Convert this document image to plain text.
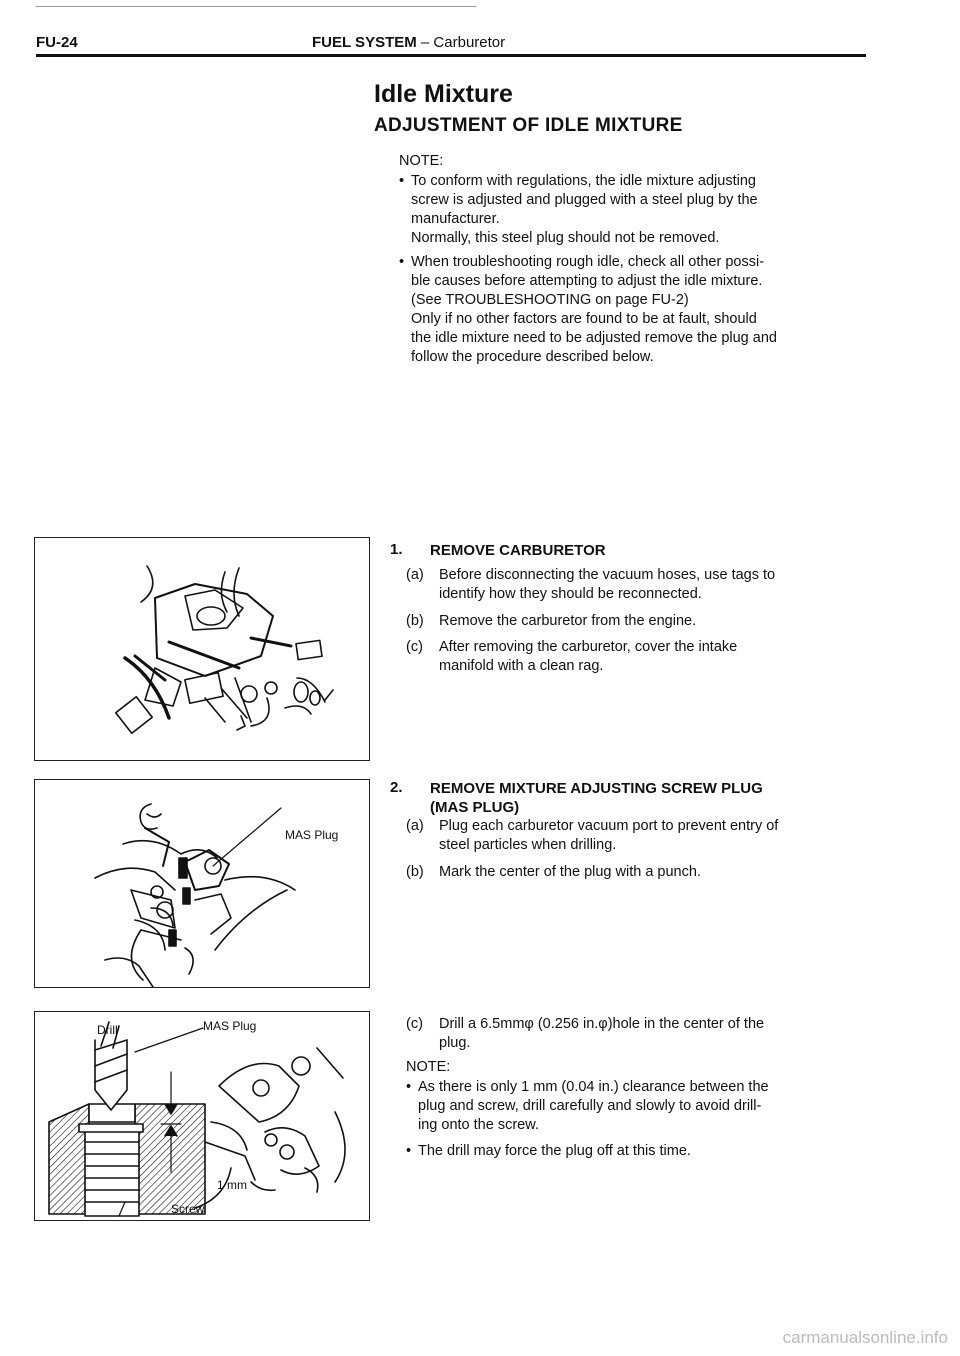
FU-24	FUEL SYSTEM – Carburetor
Idle Mixture
ADJUSTMENT OF IDLE MIXTURE
NOTE:
• To conform with regulations, the idle mixture adjusting
screw is adjusted and plugged with a steel plug by the
manufacturer.
Normally, this steel plug should not be removed.
• When troubleshooting rough idle, check all other possi-
ble causes before attempting to adjust the idle mixture.
(See TROUBLESHOOTING on page FU-2)
Only if no other factors are found to be at fault, should
the idle mixture need to be adjusted remove the plug and
follow the procedure described below.
MAS Plug
Drill	MAS Plug
1 mm
Screw
1. REMOVE CARBURETOR
(a)	Before disconnecting the vacuum hoses, use tags to
identify how they should be reconnected.
(b)	Remove the carburetor from the engine.
(c)	After removing the carburetor, cover the intake
manifold with a clean rag.
2. REMOVE MIXTURE ADJUSTING SCREW PLUG
(MAS PLUG)
(a)	Plug each carburetor vacuum port to prevent entry of
steel particles when drilling.
(b)	Mark the center of the plug with a punch.
(c)	Drill a 6.5mmφ (0.256 in.φ)hole in the center of the
plug.
NOTE:
• As there is only 1 mm (0.04 in.) clearance between the
plug and screw, drill carefully and slowly to avoid drill-
ing onto the screw.
• The drill may force the plug off at this time.
carmanualsonline.info
